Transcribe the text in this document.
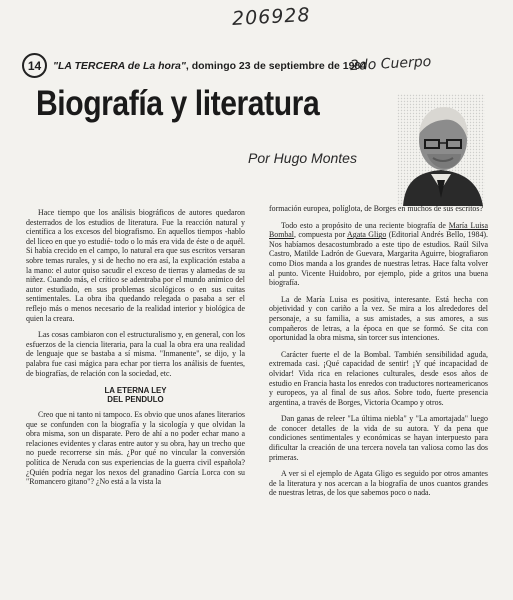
206928
2do Cuerpo
14	"LA TERCERA de La hora", domingo 23 de septiembre de 1984
Biografía y literatura
Por Hugo Montes

Hace tiempo que los análisis biográficos de autores quedaron desterrados de los estudios de literatura. Fue la reacción natural y científica a los excesos del biografismo. En aquellos tiempos -hablo del liceo en que yo estudié- todo o lo más era vida de éste o de aquél. Si había crecido en el campo, lo natural era que sus escritos versaran sobre temas rurales, y si de hecho no era así, la explicación estaba a la mano: el autor quiso sacudir el exceso de tierras y alamedas de su niñez. Cuando más, el crítico se adentraba por el mundo anímico del autor estudiado, en sus problemas sicológicos o en sus cuitas sentimentales. La obra iba quedando relegada o pasaba a ser el reflejo más o menos necesario de la realidad interior y biológica de quien la creara.

Las cosas cambiaron con el estructuralismo y, en general, con los esfuerzos de la ciencia literaria, para la cual la obra era una realidad de lenguaje que se bastaba a sí misma. "Inmanente", se dijo, y la palabra fue casi mágica para echar por tierra los análisis de fuentes, de biografías, de relación con la sociedad, etc.

LA ETERNA LEY
DEL PENDULO

Creo que ni tanto ni tampoco. Es obvio que unos afanes literarios que se confunden con la biografía y la sicología y que olvidan la obra misma, son un disparate. Pero de ahí a no poder echar mano a relaciones evidentes y claras entre autor y su obra, hay un trecho que no puede recorrerse sin más. ¿Por qué no vincular la conversión política de Neruda con sus experiencias de la guerra civil española? ¿Quién podría negar los nexos del granadino García Lorca con su "Romancero gitano"? ¿No está a la vista la

formación europea, políglota, de Borges en muchos de sus escritos?

Todo esto a propósito de una reciente biografía de María Luisa Bombal, compuesta por Agata Gligo (Editorial Andrés Bello, 1984). Nos habíamos desacostumbrado a este tipo de estudios. Raúl Silva Castro, Matilde Ladrón de Guevara, Margarita Aguirre, biografiaron como Dios manda a los grandes de nuestras letras. Hace falta volver al punto. Vicente Huidobro, por ejemplo, pide a gritos una buena biografía.

La de María Luisa es positiva, interesante. Está hecha con objetividad y con cariño a la vez. Se mira a los alrededores del personaje, a su familia, a sus amistades, a sus amores, a sus compañeros de letras, a la época en que se formó. Se cita con oportunidad la obra misma, sin torcer sus intenciones.

Carácter fuerte el de la Bombal. También sensibilidad aguda, extremada casi. ¡Qué capacidad de sentir! ¡Y qué incapacidad de olvidar! Vida rica en relaciones culturales, desde esos años de estudio en Francia hasta los enredos con traductores norteamericanos y europeos, ya al final de sus años. Sobre todo, fuerte presencia argentina, a través de Borges, Victoria Ocampo y otros.

Dan ganas de releer "La última niebla" y "La amortajada" luego de conocer detalles de la vida de su autora. Y da pena que condiciones sentimentales y económicas se hayan interpuesto para dificultar la creación de una tercera novela tan valiosa como las dos primeras.

A ver si el ejemplo de Agata Gligo es seguido por otros amantes de la literatura y nos acercan a la biografía de unos cuantos grandes de nuestras letras, de los que sabemos poco o nada.
